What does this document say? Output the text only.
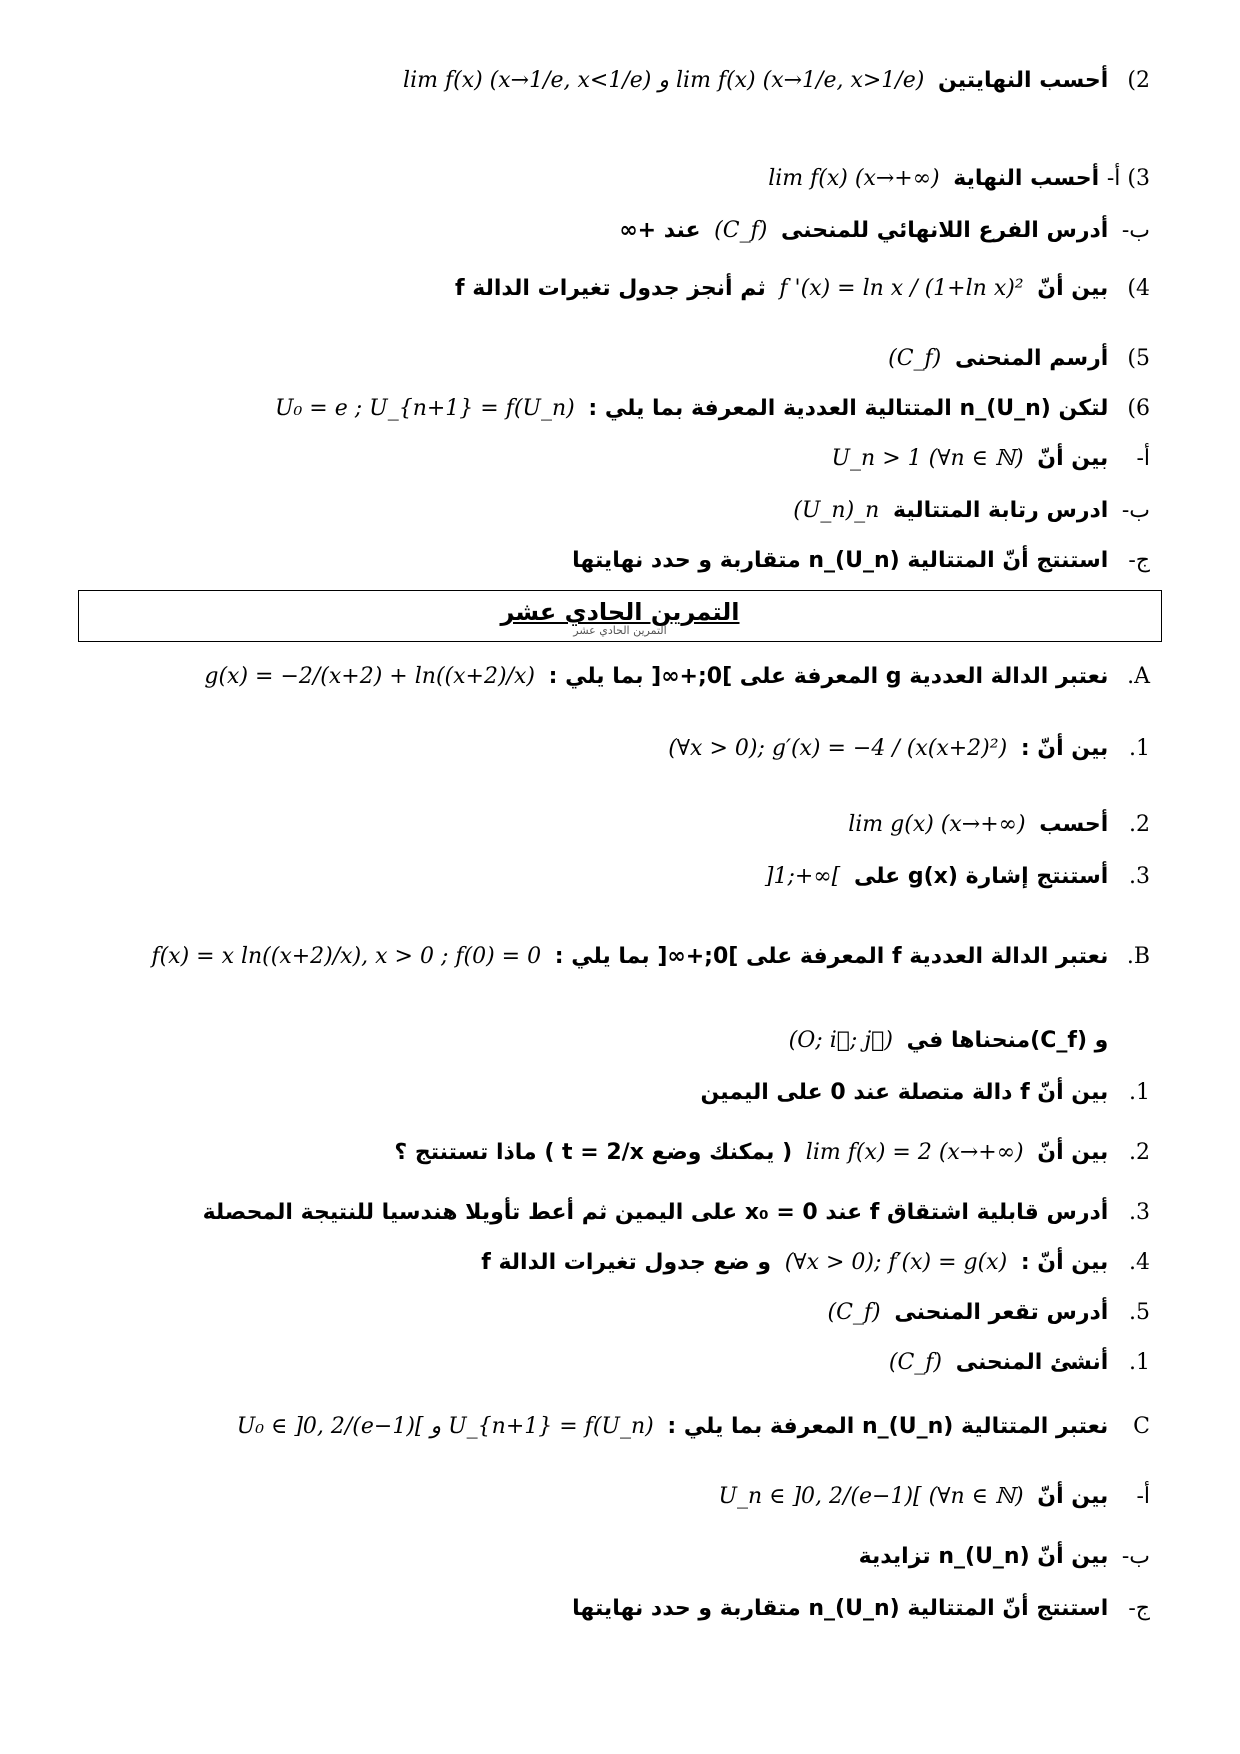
2) أحسب النهايتين lim f(x) (x→1/e, x<1/e) و lim f(x) (x→1/e, x>1/e)
3) أ- أحسب النهاية lim f(x) (x→+∞)
ب- أدرس الفرع اللانهائي للمنحنى (C_f) عند +∞
4) بين أنّ f '(x) = ln x / (1+ln x)² ثم أنجز جدول تغيرات الدالة f
5) أرسم المنحنى (C_f)
6) لتكن (U_n)_n المتتالية العددية المعرفة بما يلي : U₀ = e ; U_{n+1} = f(U_n)
أ- بين أنّ U_n > 1 (∀n ∈ ℕ)
ب- ادرس رتابة المتتالية (U_n)_n
ج- استنتج أنّ المتتالية (U_n)_n متقاربة و حدد نهايتها
التمرين الحادي عشر
التمرين الحادي عشر
A. نعتبر الدالة العددية g المعرفة على ]0;+∞[ بما يلي : g(x) = −2/(x+2) + ln((x+2)/x)
1. بين أنّ : (∀x > 0); g′(x) = −4 / (x(x+2)²)
2. أحسب lim g(x) (x→+∞)
3. أستنتج إشارة g(x) على ]1;+∞[
B. نعتبر الدالة العددية f المعرفة على ]0;+∞[ بما يلي : f(x) = x ln((x+2)/x), x > 0 ; f(0) = 0
و (C_f)منحناها في (O; i⃗; j⃗)
1. بين أنّ f دالة متصلة عند 0 على اليمين
2. بين أنّ lim f(x) = 2 (x→+∞) ( يمكنك وضع t = 2/x ) ماذا تستنتج ؟
3. أدرس قابلية اشتقاق f عند x₀ = 0 على اليمين ثم أعط تأويلا هندسيا للنتيجة المحصلة
4. بين أنّ : (∀x > 0); f′(x) = g(x) و ضع جدول تغيرات الدالة f
5. أدرس تقعر المنحنى (C_f)
1. أنشئ المنحنى (C_f)
C نعتبر المتتالية (U_n)_n المعرفة بما يلي : U₀ ∈ ]0, 2/(e−1)[ و U_{n+1} = f(U_n)
أ- بين أنّ U_n ∈ ]0, 2/(e−1)[ (∀n ∈ ℕ)
ب- بين أنّ (U_n)_n تزايدية
ج- استنتج أنّ المتتالية (U_n)_n متقاربة و حدد نهايتها
